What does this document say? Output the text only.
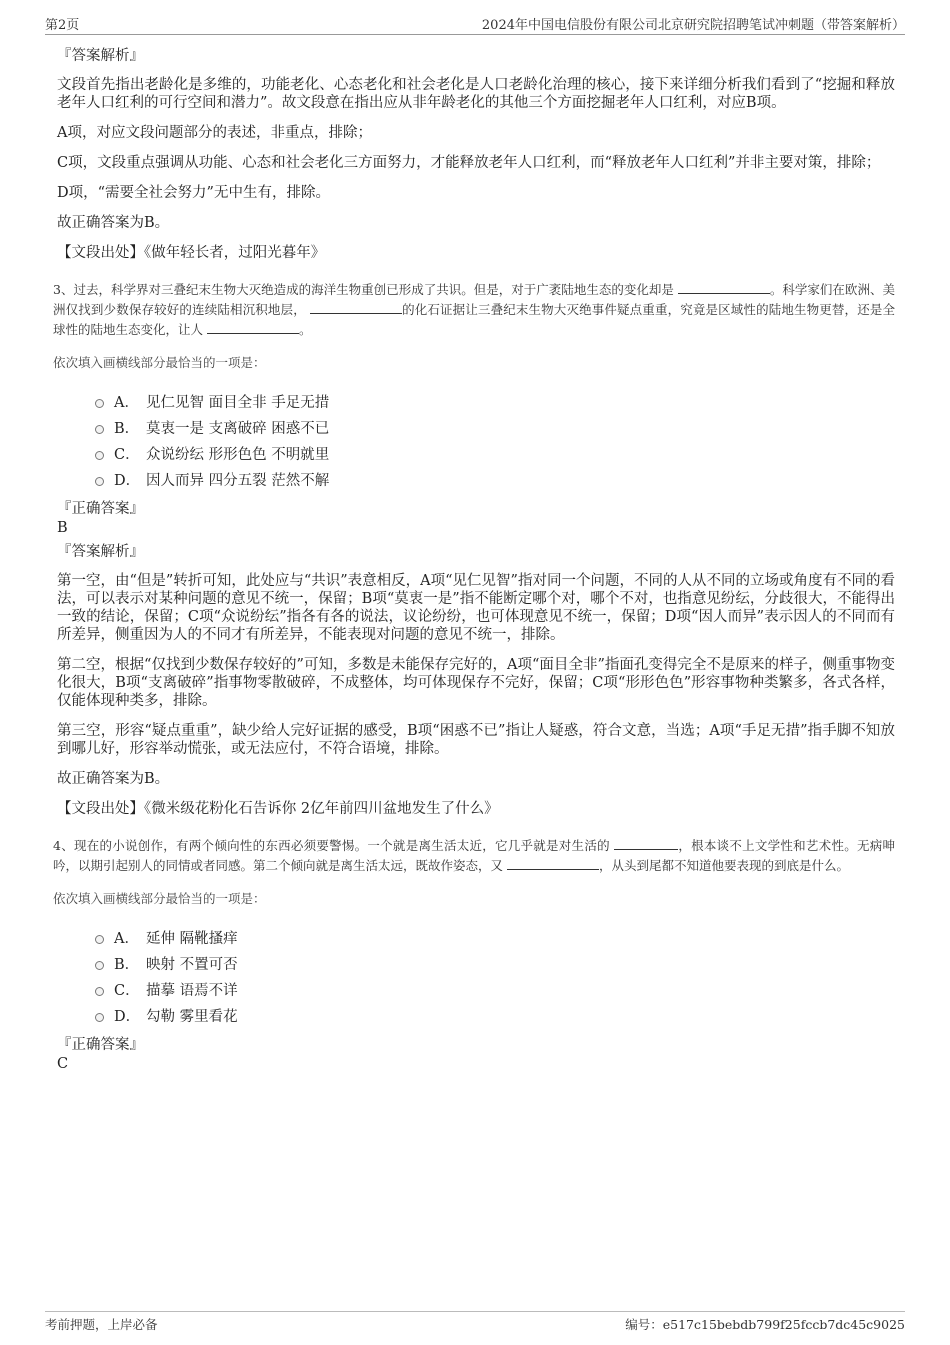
第2页	2024年中国电信股份有限公司北京研究院招聘笔试冲刺题（带答案解析）
『答案解析』

文段首先指出老龄化是多维的，功能老化、心态老化和社会老化是人口老龄化治理的核心，接下来详细分析我们看到了“挖掘和释放老年人口红利的可行空间和潜力”。故文段意在指出应从非年龄老化的其他三个方面挖掘老年人口红利，对应B项。

A项，对应文段问题部分的表述，非重点，排除；

C项，文段重点强调从功能、心态和社会老化三方面努力，才能释放老年人口红利，而“释放老年人口红利”并非主要对策，排除；

D项，“需要全社会努力”无中生有，排除。

故正确答案为B。

【文段出处】《做年轻长者，过阳光暮年》

3、过去，科学界对三叠纪末生物大灭绝造成的海洋生物重创已形成了共识。但是，对于广袤陆地生态的变化却是	。科学家们在欧洲、美洲仅找到少数保存较好的连续陆相沉积地层，	的化石证据让三叠纪末生物大灭绝事件疑点重重，究竟是区域性的陆地生物更替，还是全球性的陆地生态变化，让人	。

依次填入画横线部分最恰当的一项是：
A． 见仁见智 面目全非 手足无措
B． 莫衷一是 支离破碎 困惑不已
C． 众说纷纭 形形色色 不明就里
D． 因人而异 四分五裂 茫然不解
『正确答案』
B
『答案解析』

第一空，由“但是”转折可知，此处应与“共识”表意相反，A项“见仁见智”指对同一个问题，不同的人从不同的立场或角度有不同的看法，可以表示对某种问题的意见不统一，保留；B项“莫衷一是”指不能断定哪个对，哪个不对，也指意见纷纭，分歧很大，不能得出一致的结论，保留；C项“众说纷纭”指各有各的说法，议论纷纷，也可体现意见不统一，保留；D项“因人而异”表示因人的不同而有所差异，侧重因为人的不同才有所差异，不能表现对问题的意见不统一，排除。

第二空，根据“仅找到少数保存较好的”可知，多数是未能保存完好的，A项“面目全非”指面孔变得完全不是原来的样子，侧重事物变化很大，B项“支离破碎”指事物零散破碎，不成整体，均可体现保存不完好，保留；C项“形形色色”形容事物种类繁多，各式各样，仅能体现种类多，排除。

第三空，形容“疑点重重”，缺少给人完好证据的感受，B项“困惑不已”指让人疑惑，符合文意，当选；A项“手足无措”指手脚不知放到哪儿好，形容举动慌张，或无法应付，不符合语境，排除。

故正确答案为B。

【文段出处】《微米级花粉化石告诉你 2亿年前四川盆地发生了什么》

4、现在的小说创作，有两个倾向性的东西必须要警惕。一个就是离生活太近，它几乎就是对生活的	，根本谈不上文学性和艺术性。无病呻吟，以期引起别人的同情或者同感。第二个倾向就是离生活太远，既故作姿态，又	，从头到尾都不知道他要表现的到底是什么。

依次填入画横线部分最恰当的一项是：
A． 延伸 隔靴搔痒
B． 映射 不置可否
C． 描摹 语焉不详
D． 勾勒 雾里看花
『正确答案』
C
考前押题，上岸必备	编号：e517c15bebdb799f25fccb7dc45c9025
